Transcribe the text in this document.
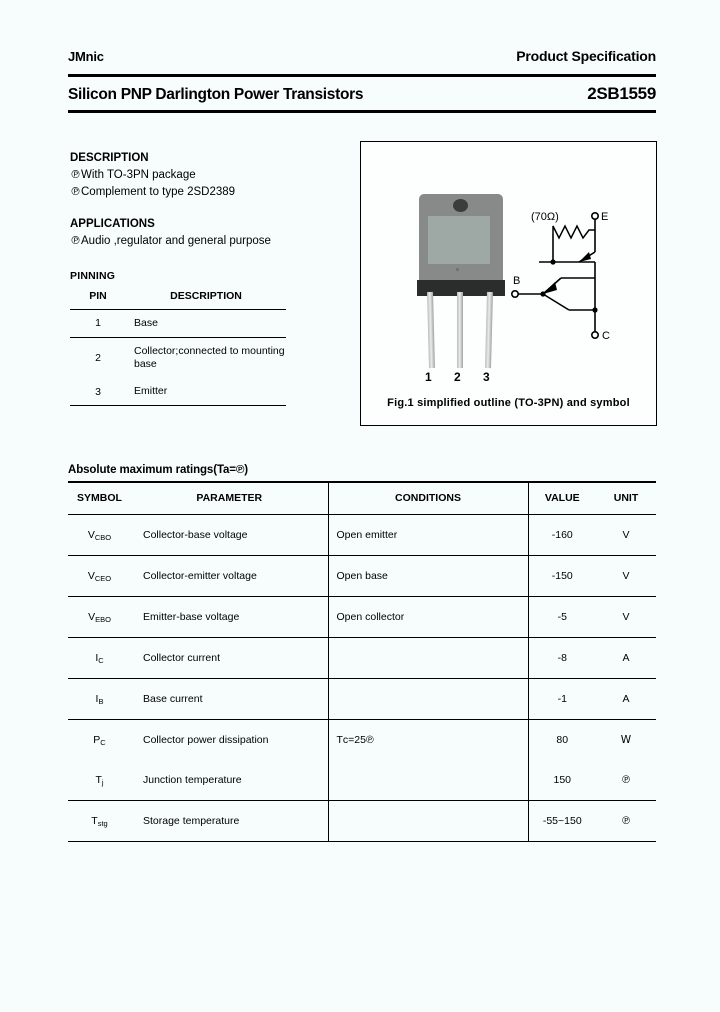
JMnic	Product Specification
Silicon PNP Darlington Power Transistors	2SB1559
DESCRIPTION
℗ With TO-3PN package
℗ Complement to type 2SD2389
APPLICATIONS
℗ Audio ,regulator and general purpose
PINNING
PIN	DESCRIPTION
1	Base
2	Collector;connected to mounting base
3	Emitter
1 2 3
E
(70Ω)
B
C
Fig.1 simplified outline (TO-3PN) and symbol
Absolute maximum ratings(Ta=℗)
SYMBOL	PARAMETER	CONDITIONS	VALUE	UNIT
$V_{CBO}$	Collector-base voltage	Open emitter	-160	V
$V_{CEO}$	Collector-emitter voltage	Open base	-150	V
$V_{EBO}$	Emitter-base voltage	Open collector	-5	V
$I_C$	Collector current		-8	A
$I_B$	Base current		-1	A
$P_C$	Collector power dissipation	Tᴄ=25℗	80	W
$T_j$	Junction temperature		150	℗
$T_{stg}$	Storage temperature		-55~150	℗
